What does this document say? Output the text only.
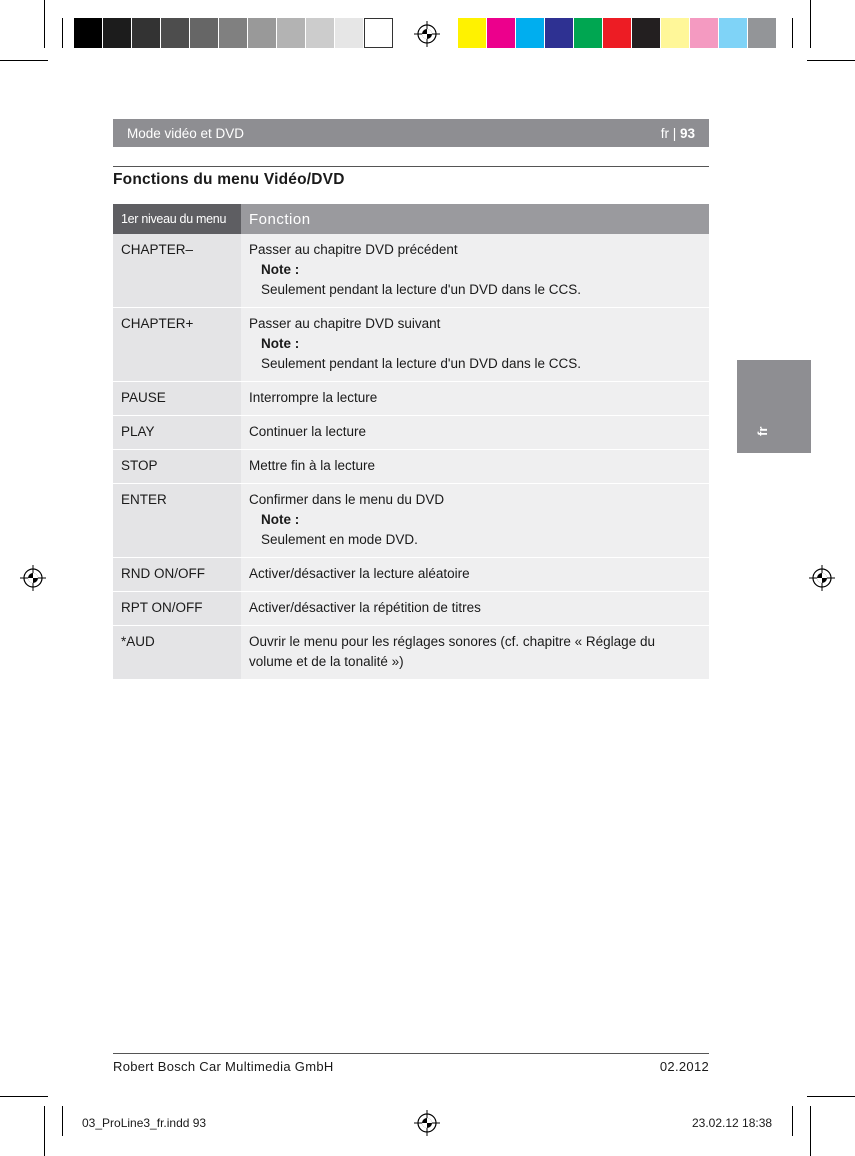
Mode vidéo et DVD	fr | 93
Fonctions du menu Vidéo/DVD
1er niveau du menu	Fonction
CHAPTER–	Passer au chapitre DVD précédent
Note :
Seulement pendant la lecture d'un DVD dans le CCS.
CHAPTER+	Passer au chapitre DVD suivant
Note :
Seulement pendant la lecture d'un DVD dans le CCS.
PAUSE	Interrompre la lecture
PLAY	Continuer la lecture
STOP	Mettre fin à la lecture
ENTER	Confirmer dans le menu du DVD
Note :
Seulement en mode DVD.
RND ON/OFF	Activer/désactiver la lecture aléatoire
RPT ON/OFF	Activer/désactiver la répétition de titres
*AUD	Ouvrir le menu pour les réglages sonores (cf. chapitre « Réglage du volume et de la tonalité »)
fr
Robert Bosch Car Multimedia GmbH	02.2012
03_ProLine3_fr.indd 93	23.02.12 18:38
